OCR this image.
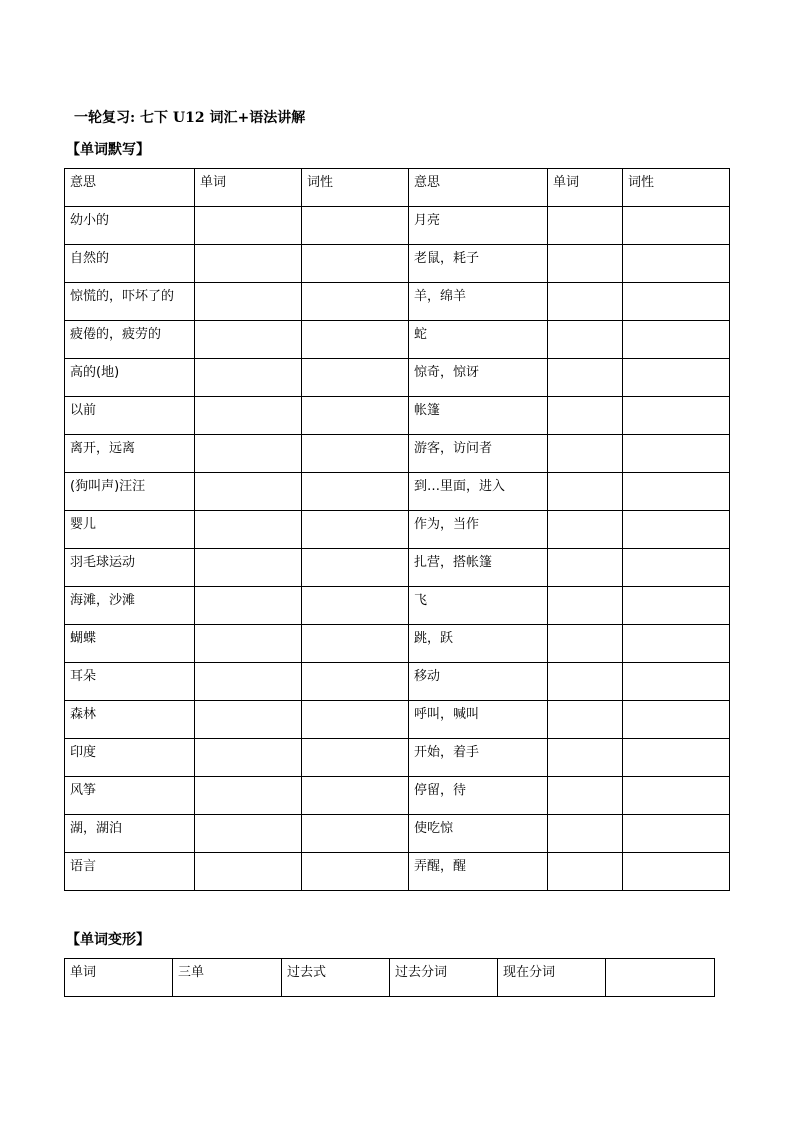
一轮复习: 七下 U12 词汇+语法讲解
【单词默写】
意思	单词	词性	意思	单词	词性
幼小的			月亮		
自然的			老鼠，耗子		
惊慌的，吓坏了的			羊，绵羊		
疲倦的，疲劳的			蛇		
高的(地)			惊奇，惊讶		
以前			帐篷		
离开，远离			游客，访问者		
(狗叫声)汪汪			到…里面，进入		
婴儿			作为，当作		
羽毛球运动			扎营，搭帐篷		
海滩，沙滩			飞		
蝴蝶			跳，跃		
耳朵			移动		
森林			呼叫，喊叫		
印度			开始，着手		
风筝			停留，待		
湖，湖泊			使吃惊		
语言			弄醒，醒		
【单词变形】
单词	三单	过去式	过去分词	现在分词	
